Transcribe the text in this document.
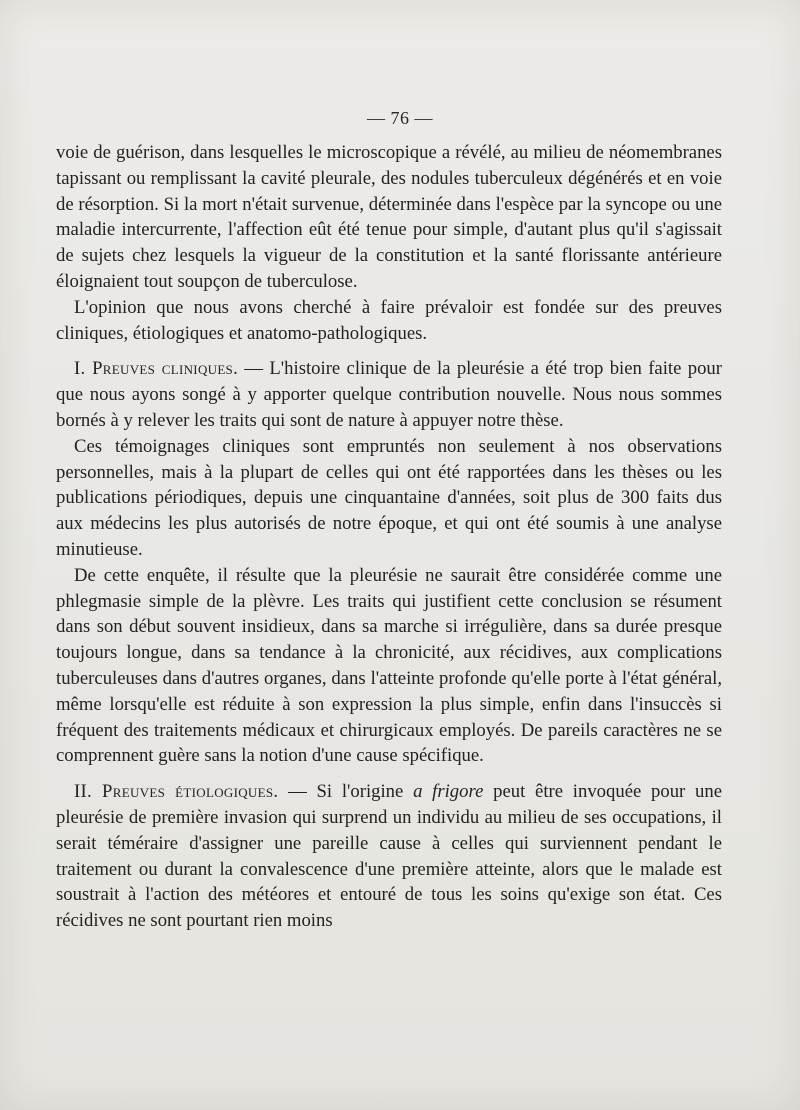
— 76 —

voie de guérison, dans lesquelles le microscopique a révélé, au milieu de néomembranes tapissant ou remplissant la cavité pleurale, des nodules tuberculeux dégénérés et en voie de résorption. Si la mort n'était survenue, déterminée dans l'espèce par la syncope ou une maladie intercurrente, l'affection eût été tenue pour simple, d'autant plus qu'il s'agissait de sujets chez lesquels la vigueur de la constitution et la santé florissante antérieure éloignaient tout soupçon de tuberculose.

L'opinion que nous avons cherché à faire prévaloir est fondée sur des preuves cliniques, étiologiques et anatomo-pathologiques.

I. Preuves cliniques. — L'histoire clinique de la pleurésie a été trop bien faite pour que nous ayons songé à y apporter quelque contribution nouvelle. Nous nous sommes bornés à y relever les traits qui sont de nature à appuyer notre thèse.

Ces témoignages cliniques sont empruntés non seulement à nos observations personnelles, mais à la plupart de celles qui ont été rapportées dans les thèses ou les publications périodiques, depuis une cinquantaine d'années, soit plus de 300 faits dus aux médecins les plus autorisés de notre époque, et qui ont été soumis à une analyse minutieuse.

De cette enquête, il résulte que la pleurésie ne saurait être considérée comme une phlegmasie simple de la plèvre. Les traits qui justifient cette conclusion se résument dans son début souvent insidieux, dans sa marche si irrégulière, dans sa durée presque toujours longue, dans sa tendance à la chronicité, aux récidives, aux complications tuberculeuses dans d'autres organes, dans l'atteinte profonde qu'elle porte à l'état général, même lorsqu'elle est réduite à son expression la plus simple, enfin dans l'insuccès si fréquent des traitements médicaux et chirurgicaux employés. De pareils caractères ne se comprennent guère sans la notion d'une cause spécifique.

II. Preuves étiologiques. — Si l'origine a frigore peut être invoquée pour une pleurésie de première invasion qui surprend un individu au milieu de ses occupations, il serait téméraire d'assigner une pareille cause à celles qui surviennent pendant le traitement ou durant la convalescence d'une première atteinte, alors que le malade est soustrait à l'action des météores et entouré de tous les soins qu'exige son état. Ces récidives ne sont pourtant rien moins
